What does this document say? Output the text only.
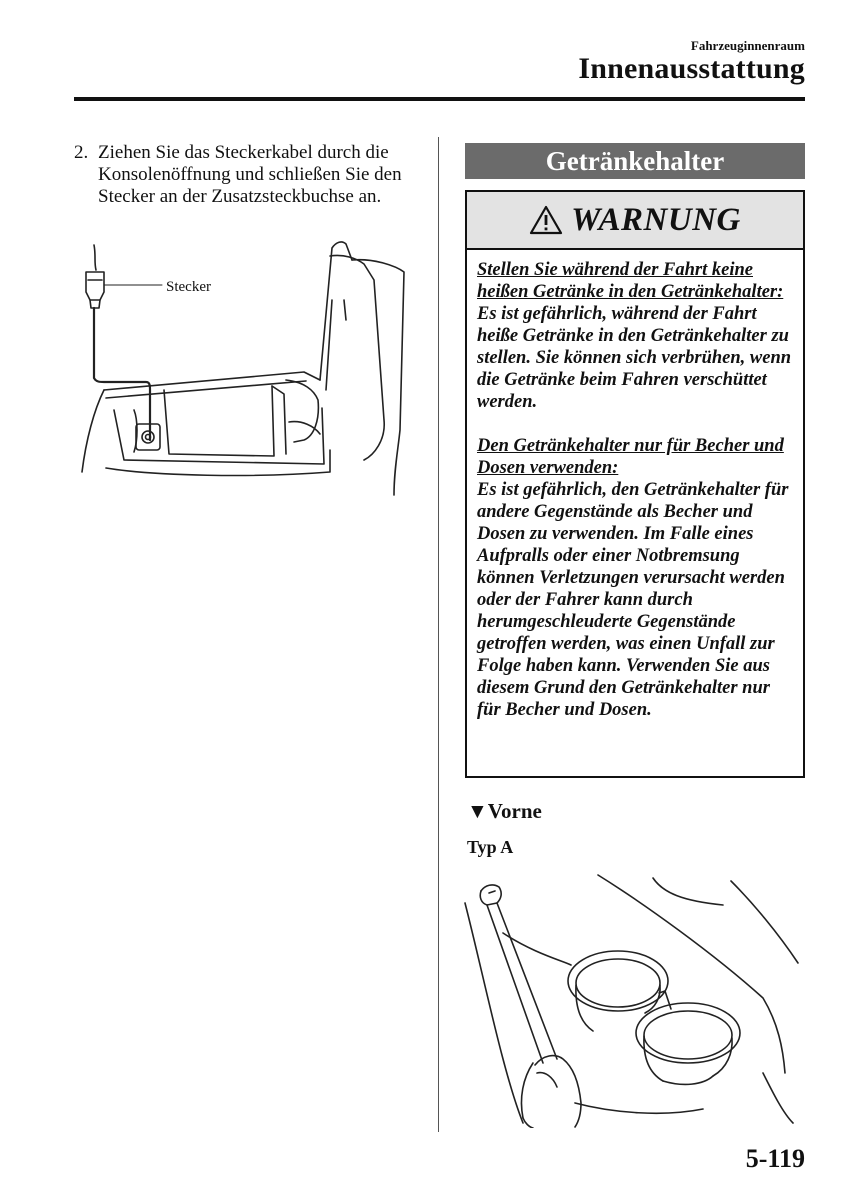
Fahrzeuginnenraum
Innenausstattung
2. Ziehen Sie das Steckerkabel durch die Konsolenöffnung und schließen Sie den Stecker an der Zusatzsteckbuchse an.
Stecker
Getränkehalter
WARNUNG

Stellen Sie während der Fahrt keine heißen Getränke in den Getränkehalter:
Es ist gefährlich, während der Fahrt heiße Getränke in den Getränkehalter zu stellen. Sie können sich verbrühen, wenn die Getränke beim Fahren verschüttet werden.

Den Getränkehalter nur für Becher und Dosen verwenden:
Es ist gefährlich, den Getränkehalter für andere Gegenstände als Becher und Dosen zu verwenden. Im Falle eines Aufpralls oder einer Notbremsung können Verletzungen verursacht werden oder der Fahrer kann durch herumgeschleuderte Gegenstände getroffen werden, was einen Unfall zur Folge haben kann. Verwenden Sie aus diesem Grund den Getränkehalter nur für Becher und Dosen.

▼Vorne
Typ A
5-119
